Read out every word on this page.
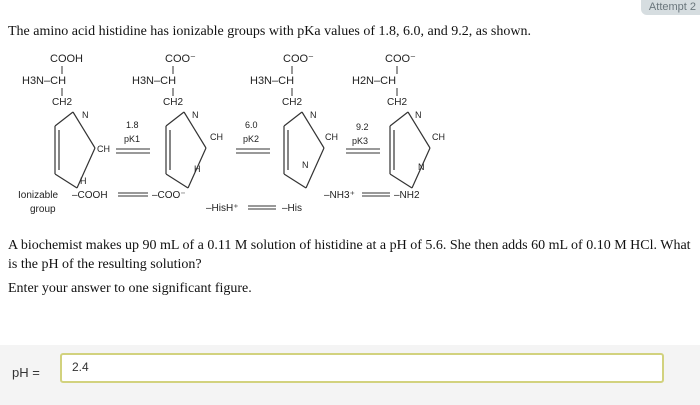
Attempt 2

The amino acid histidine has ionizable groups with pKa values of 1.8, 6.0, and 9.2, as shown.

COOH
H3N–CH
CH2
CH
N
H
1.8
pK1
COO⁻
H3N–CH
CH2
CH
N
H
6.0
pK2
COO⁻
H3N–CH
CH2
CH
N
N
9.2
pK3
COO⁻
H2N–CH
CH2
CH
N
N
Ionizable
group
–COOH	–COO⁻
–HisH⁺	–His
–NH3⁺	–NH2

A biochemist makes up 90 mL of a 0.11 M solution of histidine at a pH of 5.6. She then adds 60 mL of 0.10 M HCl. What is the pH of the resulting solution?

Enter your answer to one significant figure.

pH =	2.4
